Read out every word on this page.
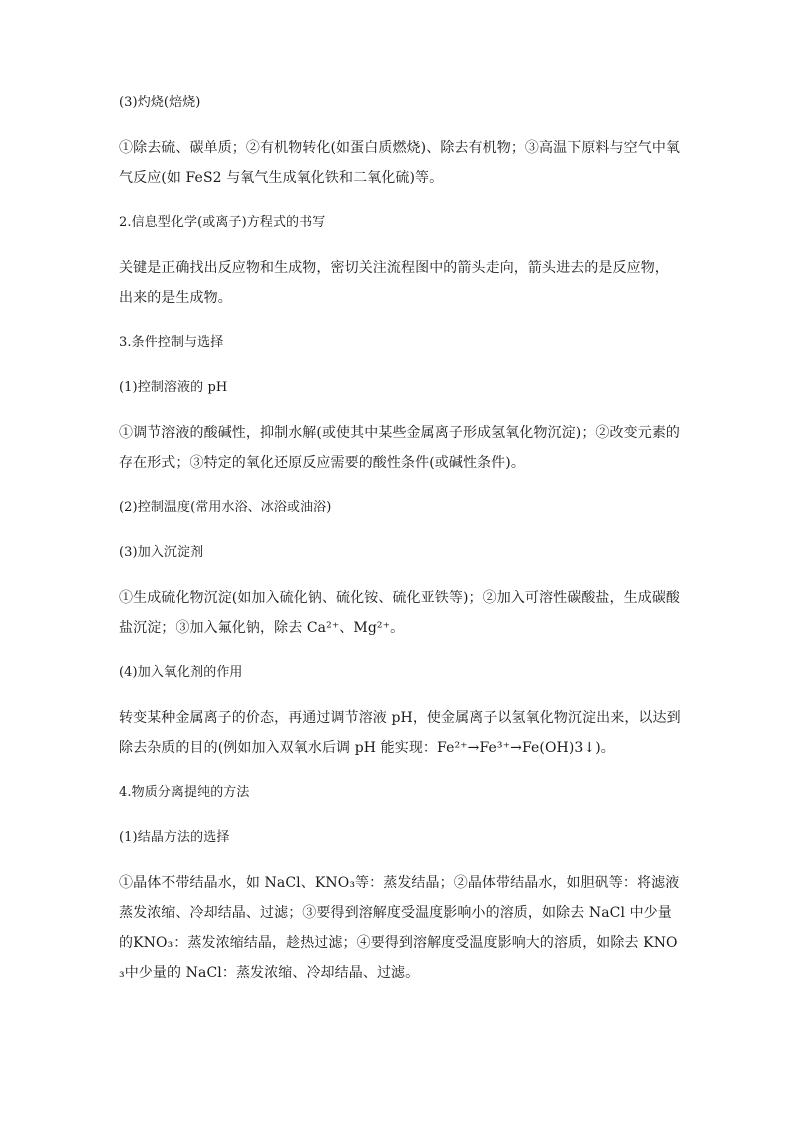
(3)灼烧(焙烧)

①除去硫、碳单质；②有机物转化(如蛋白质燃烧)、除去有机物；③高温下原料与空气中氧气反应(如 FeS2 与氧气生成氧化铁和二氧化硫)等。

2.信息型化学(或离子)方程式的书写

关键是正确找出反应物和生成物，密切关注流程图中的箭头走向，箭头进去的是反应物，出来的是生成物。

3.条件控制与选择

(1)控制溶液的 pH

①调节溶液的酸碱性，抑制水解(或使其中某些金属离子形成氢氧化物沉淀)；②改变元素的存在形式；③特定的氧化还原反应需要的酸性条件(或碱性条件)。

(2)控制温度(常用水浴、冰浴或油浴)

(3)加入沉淀剂

①生成硫化物沉淀(如加入硫化钠、硫化铵、硫化亚铁等)；②加入可溶性碳酸盐，生成碳酸盐沉淀；③加入氟化钠，除去 Ca²⁺、Mg²⁺。

(4)加入氧化剂的作用

转变某种金属离子的价态，再通过调节溶液 pH，使金属离子以氢氧化物沉淀出来，以达到除去杂质的目的(例如加入双氧水后调 pH 能实现：Fe²⁺→Fe³⁺→Fe(OH)3↓)。

4.物质分离提纯的方法

(1)结晶方法的选择

①晶体不带结晶水，如 NaCl、KNO₃等：蒸发结晶；②晶体带结晶水，如胆矾等：将滤液蒸发浓缩、冷却结晶、过滤；③要得到溶解度受温度影响小的溶质，如除去 NaCl 中少量的KNO₃：蒸发浓缩结晶，趁热过滤；④要得到溶解度受温度影响大的溶质，如除去 KNO₃中少量的 NaCl：蒸发浓缩、冷却结晶、过滤。
